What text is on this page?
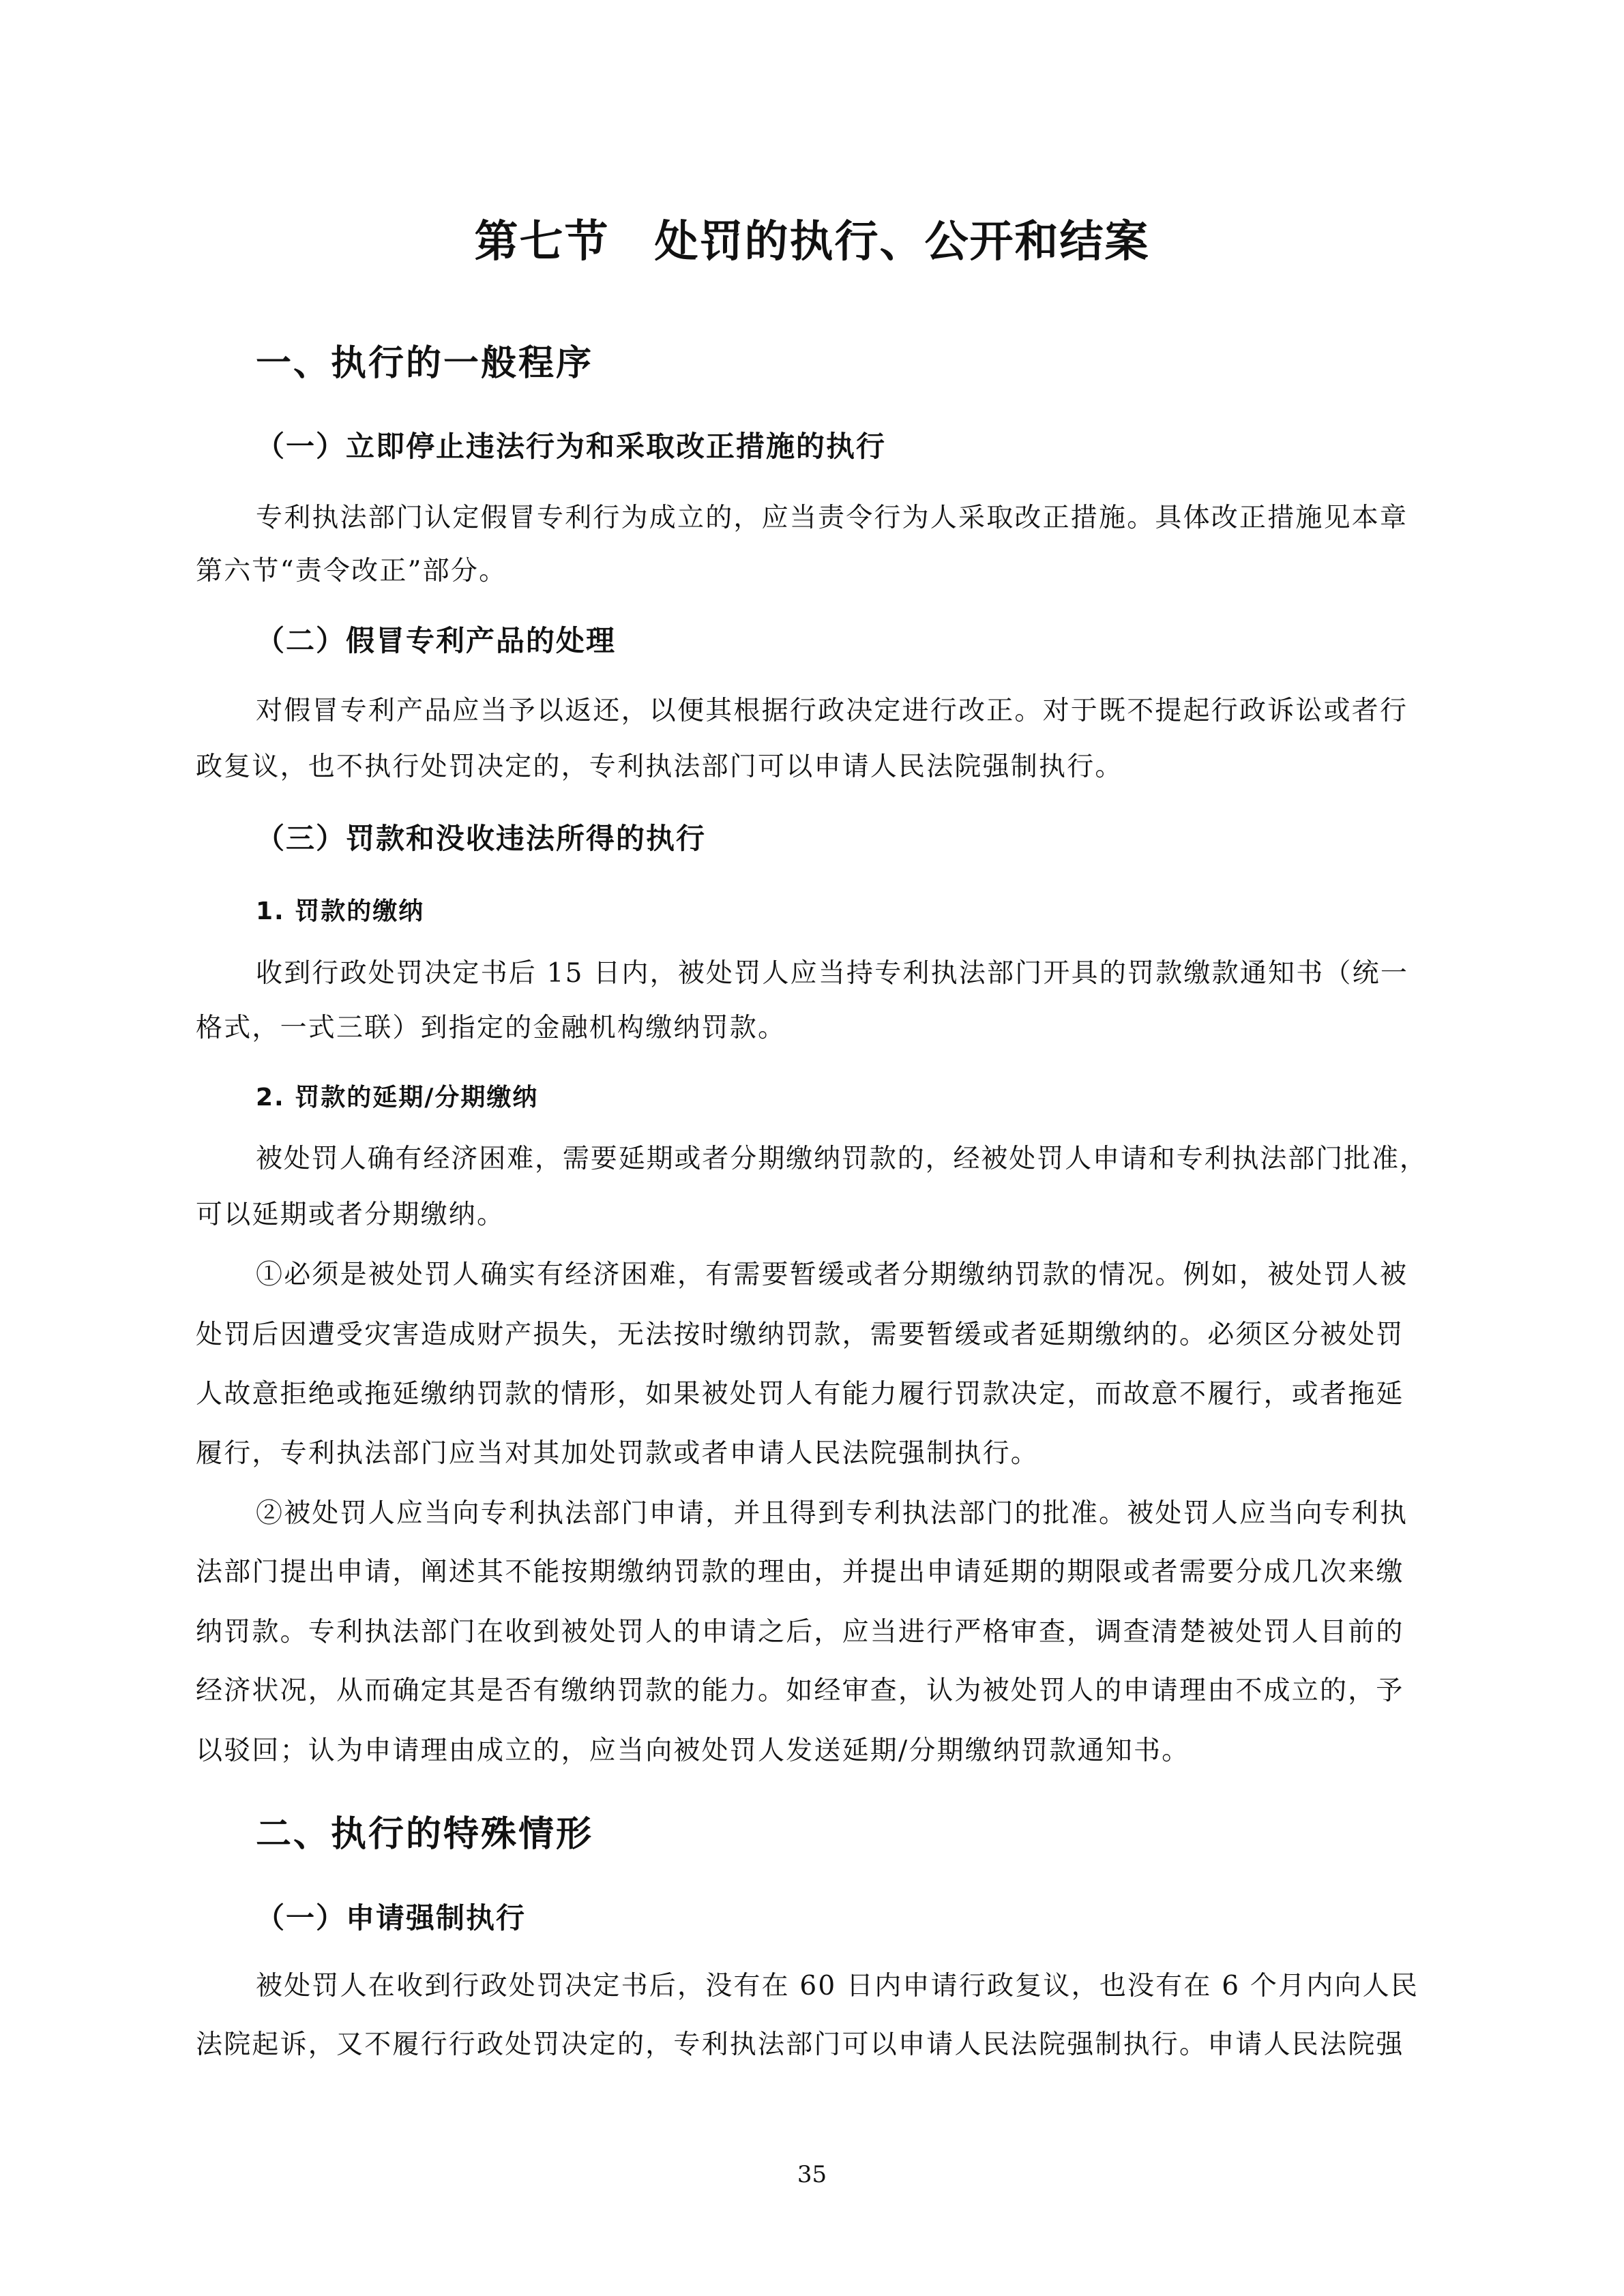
第七节　处罚的执行、公开和结案
一、执行的一般程序
（一）立即停止违法行为和采取改正措施的执行

专利执法部门认定假冒专利行为成立的，应当责令行为人采取改正措施。具体改正措施见本章

第六节“责令改正”部分。

（二）假冒专利产品的处理

对假冒专利产品应当予以返还，以便其根据行政决定进行改正。对于既不提起行政诉讼或者行

政复议，也不执行处罚决定的，专利执法部门可以申请人民法院强制执行。

（三）罚款和没收违法所得的执行
1. 罚款的缴纳

收到行政处罚决定书后 15 日内，被处罚人应当持专利执法部门开具的罚款缴款通知书（统一

格式，一式三联）到指定的金融机构缴纳罚款。

2. 罚款的延期/分期缴纳

被处罚人确有经济困难，需要延期或者分期缴纳罚款的，经被处罚人申请和专利执法部门批准，

可以延期或者分期缴纳。

①必须是被处罚人确实有经济困难，有需要暂缓或者分期缴纳罚款的情况。例如，被处罚人被

处罚后因遭受灾害造成财产损失，无法按时缴纳罚款，需要暂缓或者延期缴纳的。必须区分被处罚

人故意拒绝或拖延缴纳罚款的情形，如果被处罚人有能力履行罚款决定，而故意不履行，或者拖延

履行，专利执法部门应当对其加处罚款或者申请人民法院强制执行。

②被处罚人应当向专利执法部门申请，并且得到专利执法部门的批准。被处罚人应当向专利执

法部门提出申请，阐述其不能按期缴纳罚款的理由，并提出申请延期的期限或者需要分成几次来缴

纳罚款。专利执法部门在收到被处罚人的申请之后，应当进行严格审查，调查清楚被处罚人目前的

经济状况，从而确定其是否有缴纳罚款的能力。如经审查，认为被处罚人的申请理由不成立的，予

以驳回；认为申请理由成立的，应当向被处罚人发送延期/分期缴纳罚款通知书。

二、执行的特殊情形
（一）申请强制执行

被处罚人在收到行政处罚决定书后，没有在 60 日内申请行政复议，也没有在 6 个月内向人民

法院起诉，又不履行行政处罚决定的，专利执法部门可以申请人民法院强制执行。申请人民法院强

35
